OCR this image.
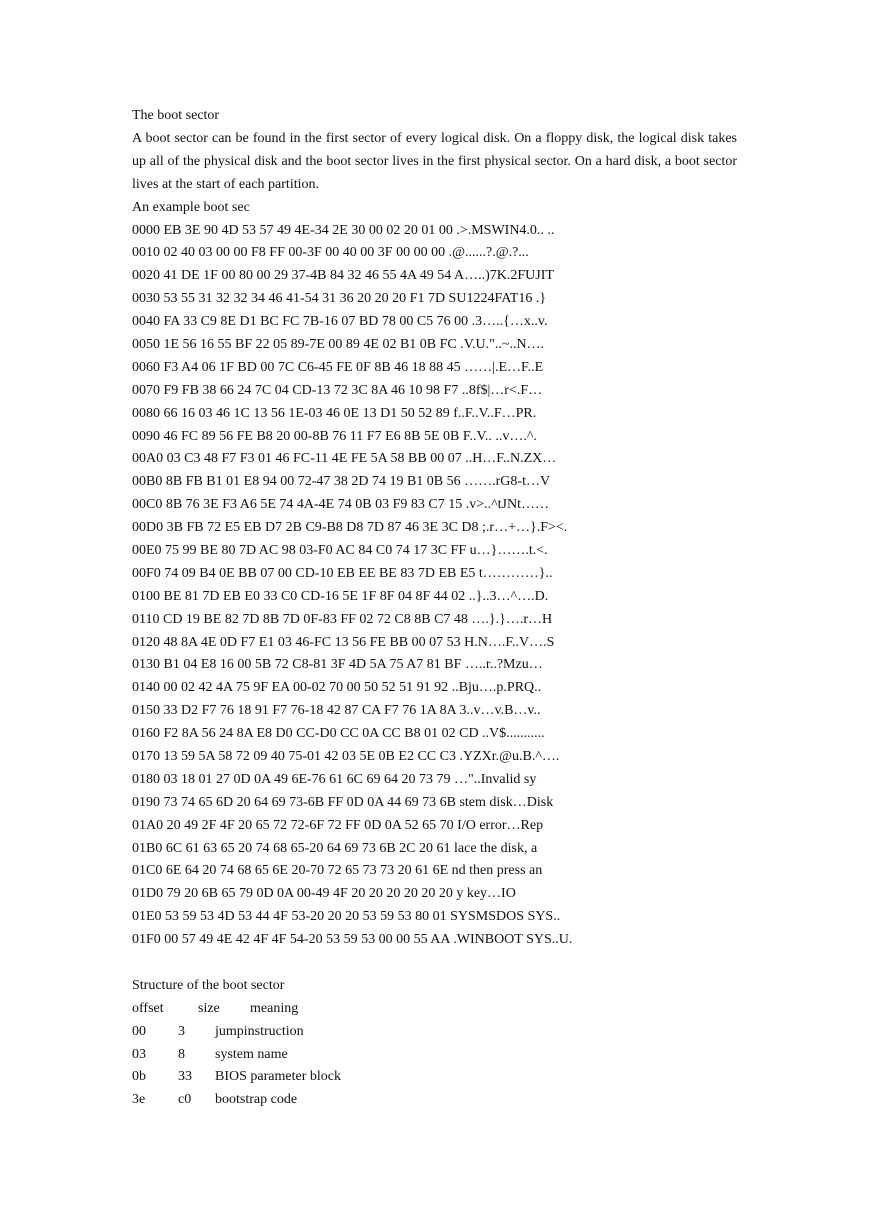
The boot sector
A boot sector can be found in the first sector of every logical disk. On a floppy disk, the logical disk takes up all of the physical disk and the boot sector lives in the first physical sector. On a hard disk, a boot sector lives at the start of each partition.
An example boot sec
0000 EB 3E 90 4D 53 57 49 4E-34 2E 30 00 02 20 01 00 .>.MSWIN4.0.. ..
0010 02 40 03 00 00 F8 FF 00-3F 00 40 00 3F 00 00 00 .@......?.@.?...
0020 41 DE 1F 00 80 00 29 37-4B 84 32 46 55 4A 49 54 A…..)7K.2FUJIT
0030 53 55 31 32 32 34 46 41-54 31 36 20 20 20 F1 7D SU1224FAT16 .}
0040 FA 33 C9 8E D1 BC FC 7B-16 07 BD 78 00 C5 76 00 .3…..{…x..v.
0050 1E 56 16 55 BF 22 05 89-7E 00 89 4E 02 B1 0B FC .V.U."..~..N….
0060 F3 A4 06 1F BD 00 7C C6-45 FE 0F 8B 46 18 88 45 ……|.E…F..E
0070 F9 FB 38 66 24 7C 04 CD-13 72 3C 8A 46 10 98 F7 ..8f$|…r<.F…
0080 66 16 03 46 1C 13 56 1E-03 46 0E 13 D1 50 52 89 f..F..V..F…PR.
0090 46 FC 89 56 FE B8 20 00-8B 76 11 F7 E6 8B 5E 0B F..V.. ..v….^.
00A0 03 C3 48 F7 F3 01 46 FC-11 4E FE 5A 58 BB 00 07 ..H…F..N.ZX…
00B0 8B FB B1 01 E8 94 00 72-47 38 2D 74 19 B1 0B 56 …….rG8-t…V
00C0 8B 76 3E F3 A6 5E 74 4A-4E 74 0B 03 F9 83 C7 15 .v>..^tJNt……
00D0 3B FB 72 E5 EB D7 2B C9-B8 D8 7D 87 46 3E 3C D8 ;.r…+…}.F><.
00E0 75 99 BE 80 7D AC 98 03-F0 AC 84 C0 74 17 3C FF u…}…….t.<.
00F0 74 09 B4 0E BB 07 00 CD-10 EB EE BE 83 7D EB E5 t…………}..
0100 BE 81 7D EB E0 33 C0 CD-16 5E 1F 8F 04 8F 44 02 ..}..3…^….D.
0110 CD 19 BE 82 7D 8B 7D 0F-83 FF 02 72 C8 8B C7 48 ….}.}….r…H
0120 48 8A 4E 0D F7 E1 03 46-FC 13 56 FE BB 00 07 53 H.N….F..V….S
0130 B1 04 E8 16 00 5B 72 C8-81 3F 4D 5A 75 A7 81 BF …..r..?Mzu…
0140 00 02 42 4A 75 9F EA 00-02 70 00 50 52 51 91 92 ..Bju….p.PRQ..
0150 33 D2 F7 76 18 91 F7 76-18 42 87 CA F7 76 1A 8A 3..v…v.B…v..
0160 F2 8A 56 24 8A E8 D0 CC-D0 CC 0A CC B8 01 02 CD ..V$...........
0170 13 59 5A 58 72 09 40 75-01 42 03 5E 0B E2 CC C3 .YZXr.@u.B.^….
0180 03 18 01 27 0D 0A 49 6E-76 61 6C 69 64 20 73 79 …"..Invalid sy
0190 73 74 65 6D 20 64 69 73-6B FF 0D 0A 44 69 73 6B stem disk…Disk
01A0 20 49 2F 4F 20 65 72 72-6F 72 FF 0D 0A 52 65 70 I/O error…Rep
01B0 6C 61 63 65 20 74 68 65-20 64 69 73 6B 2C 20 61 lace the disk, a
01C0 6E 64 20 74 68 65 6E 20-70 72 65 73 73 20 61 6E nd then press an
01D0 79 20 6B 65 79 0D 0A 00-49 4F 20 20 20 20 20 20 y key…IO
01E0 53 59 53 4D 53 44 4F 53-20 20 20 53 59 53 80 01 SYSMSDOS SYS..
01F0 00 57 49 4E 42 4F 4F 54-20 53 59 53 00 00 55 AA .WINBOOT SYS..U.
Structure of the boot sector
offset size meaning
00 3 jumpinstruction
03 8 system name
0b 33 BIOS parameter block
3e c0 bootstrap code
